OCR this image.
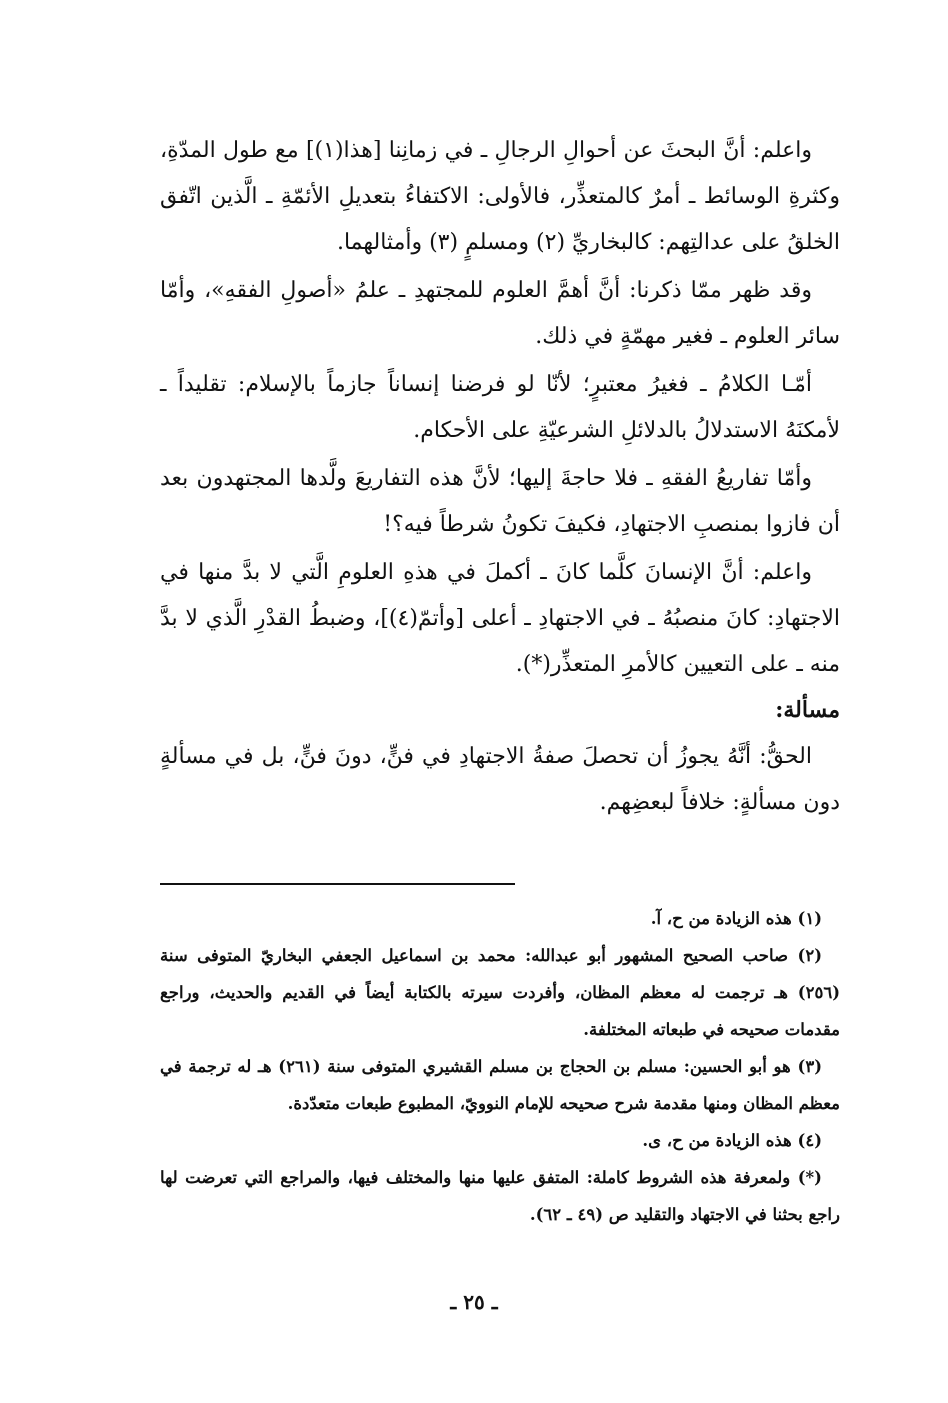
واعلم: أنَّ البحثَ عن أحوالِ الرجالِ ـ في زمانِنا [هذا(١)] مع طول المدّةِ، وكثرةِ الوسائط ـ أمرٌ كالمتعذِّر، فالأولى: الاكتفاءُ بتعديلِ الأئمّةِ ـ الَّذين اتّفق الخلقُ على عدالتِهم: كالبخاريِّ (٢) ومسلمٍ (٣) وأمثالهما.

وقد ظهر ممّا ذكرنا: أنَّ أهمَّ العلوم للمجتهدِ ـ علمُ «أصولِ الفقهِ»، وأمّا سائر العلوم ـ فغير مهمّةٍ في ذلك.

أمّـا الكلامُ ـ فغيرُ معتبرٍ؛ لأنّا لو فرضنا إنساناً جازماً بالإسلام: تقليداً ـ لأمكنَهُ الاستدلالُ بالدلائلِ الشرعيّةِ على الأحكام.

وأمّا تفاريعُ الفقهِ ـ فلا حاجةَ إليها؛ لأنَّ هذه التفاريعَ ولَّدها المجتهدون بعد أن فازوا بمنصبِ الاجتهادِ، فكيفَ تكونُ شرطاً فيه؟!

واعلم: أنَّ الإنسانَ كلَّما كانَ ـ أكملَ في هذهِ العلومِ الَّتي لا بدَّ منها في الاجتهادِ: كانَ منصبُهُ ـ في الاجتهادِ ـ أعلى [وأتمّ(٤)]، وضبطُ القدْرِ الَّذي لا بدَّ منه ـ على التعيين كالأمرِ المتعذِّر(*).

مسألة:

الحقُّ: أنَّهُ يجوزُ أن تحصلَ صفةُ الاجتهادِ في فنٍّ، دونَ فنٍّ، بل في مسألةٍ دون مسألةٍ: خلافاً لبعضِهم.

(١) هذه الزيادة من ح، آ.

(٢) صاحب الصحيح المشهور أبو عبدالله: محمد بن اسماعيل الجعفي البخاريّ المتوفى سنة (٢٥٦) هـ ترجمت له معظم المظان، وأفردت سيرته بالكتابة أيضاً في القديم والحديث، وراجع مقدمات صحيحه في طبعاته المختلفة.

(٣) هو أبو الحسين: مسلم بن الحجاج بن مسلم القشيري المتوفى سنة (٢٦١) هـ له ترجمة في معظم المظان ومنها مقدمة شرح صحيحه للإمام النوويّ، المطبوع طبعات متعدّدة.

(٤) هذه الزيادة من ح، ى.

(*) ولمعرفة هذه الشروط كاملة: المتفق عليها منها والمختلف فيها، والمراجع التي تعرضت لها راجع بحثنا في الاجتهاد والتقليد ص (٤٩ ـ ٦٢).

ـ ٢٥ ـ
